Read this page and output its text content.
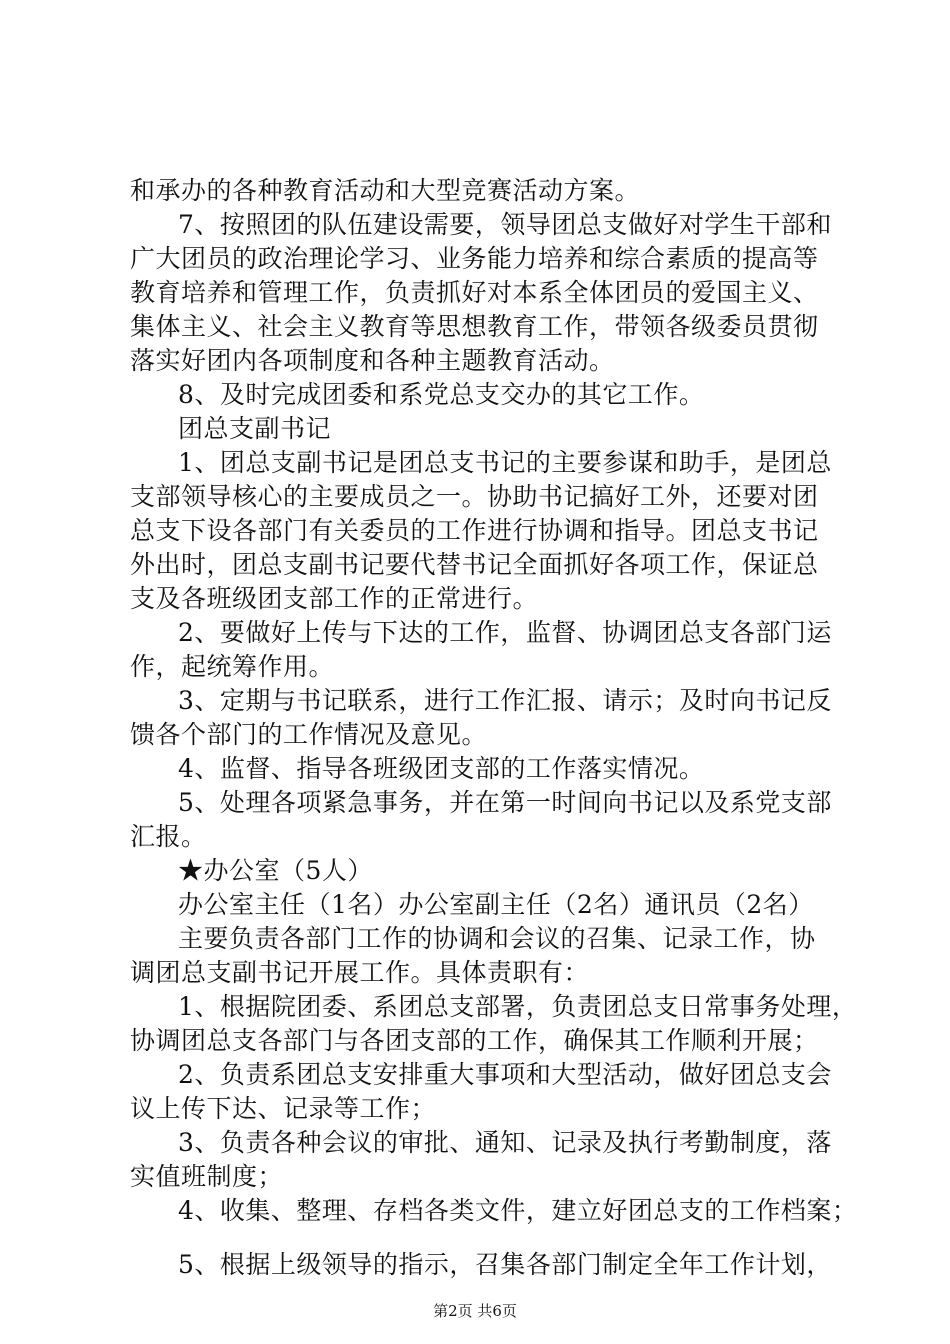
和承办的各种教育活动和大型竞赛活动方案。
7、按照团的队伍建设需要，领导团总支做好对学生干部和
广大团员的政治理论学习、业务能力培养和综合素质的提高等
教育培养和管理工作，负责抓好对本系全体团员的爱国主义、
集体主义、社会主义教育等思想教育工作，带领各级委员贯彻
落实好团内各项制度和各种主题教育活动。
8、及时完成团委和系党总支交办的其它工作。
团总支副书记
1、团总支副书记是团总支书记的主要参谋和助手，是团总
支部领导核心的主要成员之一。协助书记搞好工外，还要对团
总支下设各部门有关委员的工作进行协调和指导。团总支书记
外出时，团总支副书记要代替书记全面抓好各项工作，保证总
支及各班级团支部工作的正常进行。
2、要做好上传与下达的工作，监督、协调团总支各部门运
作，起统筹作用。
3、定期与书记联系，进行工作汇报、请示；及时向书记反
馈各个部门的工作情况及意见。
4、监督、指导各班级团支部的工作落实情况。
5、处理各项紧急事务，并在第一时间向书记以及系党支部
汇报。
★办公室（5人）
办公室主任（1名）办公室副主任（2名）通讯员（2名）
主要负责各部门工作的协调和会议的召集、记录工作，协
调团总支副书记开展工作。具体责职有：
1、根据院团委、系团总支部署，负责团总支日常事务处理，
协调团总支各部门与各团支部的工作，确保其工作顺利开展；
2、负责系团总支安排重大事项和大型活动，做好团总支会
议上传下达、记录等工作；
3、负责各种会议的审批、通知、记录及执行考勤制度，落
实值班制度；
4、收集、整理、存档各类文件，建立好团总支的工作档案；
5、根据上级领导的指示，召集各部门制定全年工作计划，
第2页 共6页
